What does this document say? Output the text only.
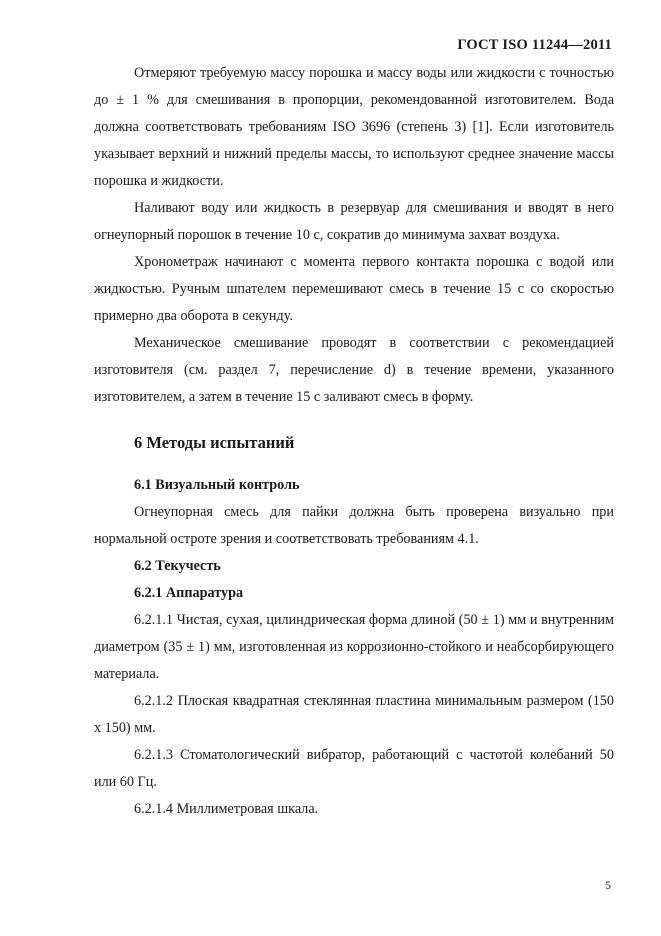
ГОСТ ISO 11244—2011

Отмеряют требуемую массу порошка и массу воды или жидкости с точностью до ± 1 % для смешивания в пропорции, рекомендованной изготовителем. Вода должна соответствовать требованиям ISO 3696 (степень 3) [1]. Если изготовитель указывает верхний и нижний пределы массы, то используют среднее значение массы порошка и жидкости.

Наливают воду или жидкость в резервуар для смешивания и вводят в него огнеупорный порошок в течение 10 с, сократив до минимума захват воздуха.

Хронометраж начинают с момента первого контакта порошка с водой или жидкостью. Ручным шпателем перемешивают смесь в течение 15 с со скоростью примерно два оборота в секунду.

Механическое смешивание проводят в соответствии с рекомендацией изготовителя (см. раздел 7, перечисление d) в течение времени, указанного изготовителем, а затем в течение 15 с заливают смесь в форму.

6 Методы испытаний
6.1 Визуальный контроль

Огнеупорная смесь для пайки должна быть проверена визуально при нормальной остроте зрения и соответствовать требованиям 4.1.

6.2 Текучесть
6.2.1 Аппаратура

6.2.1.1 Чистая, сухая, цилиндрическая форма длиной (50 ± 1) мм и внутренним диаметром (35 ± 1) мм, изготовленная из коррозионно-стойкого и неабсорбирующего материала.

6.2.1.2 Плоская квадратная стеклянная пластина минимальным размером (150 х 150) мм.

6.2.1.3 Стоматологический вибратор, работающий с частотой колебаний 50 или 60 Гц.

6.2.1.4 Миллиметровая шкала.

5
